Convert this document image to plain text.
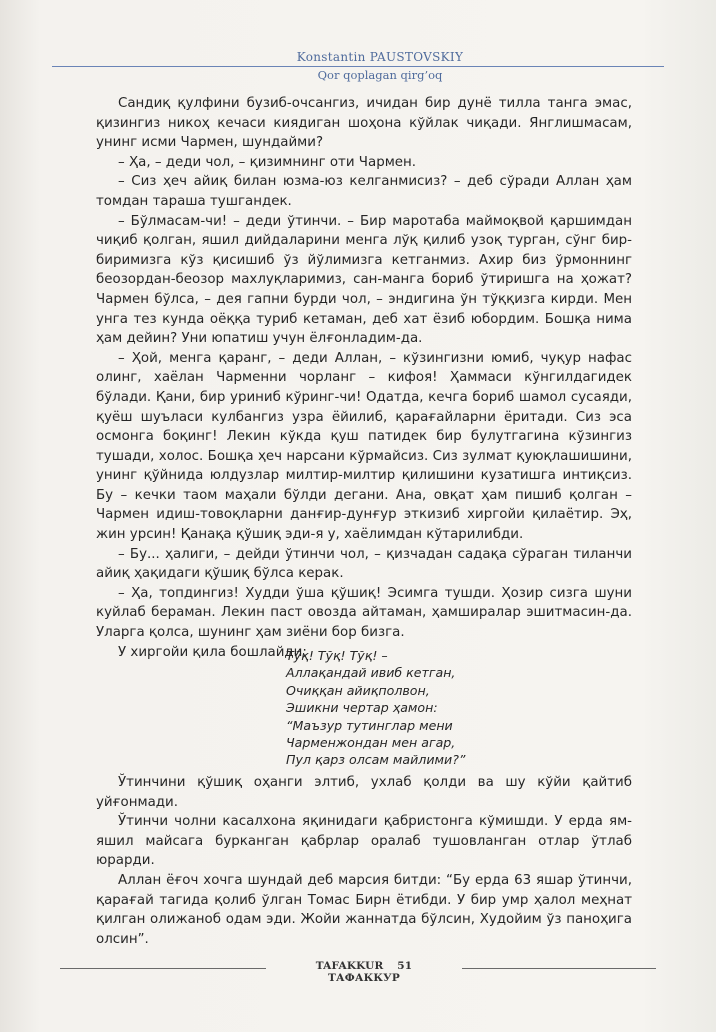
Konstantin PAUSTOVSKIY
Qor qoplagan qirg’oq

Сандиқ қулфини бузиб-очсангиз, ичидан бир дунё тилла танга эмас, қизингиз никоҳ кечаси киядиган шоҳона кўйлак чиқади. Янглишмасам, унинг исми Чармен, шундайми?

– Ҳа, – деди чол, – қизимнинг оти Чармен.

– Сиз ҳеч айиқ билан юзма-юз келганмисиз? – деб сўради Аллан ҳам томдан тараша тушгандек.

– Бўлмасам-чи! – деди ўтинчи. – Бир маротаба маймоқвой қаршимдан чиқиб қолган, яшил дийдаларини менга лўқ қилиб узоқ турган, сўнг бир-биримизга кўз қисишиб ўз йўлимизга кетганмиз. Ахир биз ўрмоннинг беозордан-беозор махлуқларимиз, сан-манга бориб ўтиришга на ҳожат? Чармен бўлса, – дея гапни бурди чол, – эндигина ўн тўққизга кирди. Мен унга тез кунда оёққа туриб кетаман, деб хат ёзиб юбордим. Бошқа нима ҳам дейин? Уни юпатиш учун ёлғонладим-да.

– Ҳой, менга қаранг, – деди Аллан, – кўзингизни юмиб, чуқур нафас олинг, хаёлан Чарменни чорланг – кифоя! Ҳаммаси кўнгилдагидек бўлади. Қани, бир уриниб кўринг-чи! Одатда, кечга бориб шамол сусаяди, қуёш шуъласи кулбангиз узра ёйилиб, қарағайларни ёритади. Сиз эса осмонга боқинг! Лекин кўкда қуш патидек бир булутгагина кўзингиз тушади, холос. Бошқа ҳеч нарсани кўрмайсиз. Сиз зулмат қуюқлашишини, унинг қўйнида юлдузлар милтир-милтир қилишини кузатишга интиқсиз. Бу – кечки таом маҳали бўлди дегани. Ана, овқат ҳам пишиб қолган – Чармен идиш-товоқларни данғир-дунғур эткизиб хиргойи қилаётир. Эҳ, жин урсин! Қанақа қўшиқ эди-я у, хаёлимдан кўтарилибди.

– Бу... ҳалиги, – дейди ўтинчи чол, – қизчадан садақа сўраган тиланчи айиқ ҳақидаги қўшиқ бўлса керак.

– Ҳа, топдингиз! Худди ўша қўшиқ! Эсимга тушди. Ҳозир сизга шуни куйлаб бераман. Лекин паст овозда айтаман, ҳамширалар эшитмасин-да. Уларга қолса, шунинг ҳам зиёни бор бизга.

У хиргойи қила бошлайди:

Тўқ! Тўқ! Тўқ! –
Аллақандай ивиб кетган,
Очиққан айиқполвон,
Эшикни чертар ҳамон:
“Маъзур тутинглар мени
Чарменжондан мен агар,
Пул қарз олсам майлими?”

Ўтинчини қўшиқ оҳанги элтиб, ухлаб қолди ва шу кўйи қайтиб уйғонмади.

Ўтинчи чолни касалхона яқинидаги қабристонга кўмишди. У ерда ям-яшил майсага бурканган қабрлар оралаб тушовланган отлар ўтлаб юрарди.

Аллан ёғоч хочга шундай деб марсия битди: “Бу ерда 63 яшар ўтинчи, қарағай тагида қолиб ўлган Томас Бирн ётибди. У бир умр ҳалол меҳнат қилган олижаноб одам эди. Жойи жаннатда бўлсин, Худойим ўз паноҳига олсин”.

TAFAKKUR 51 ТАФАККУР
